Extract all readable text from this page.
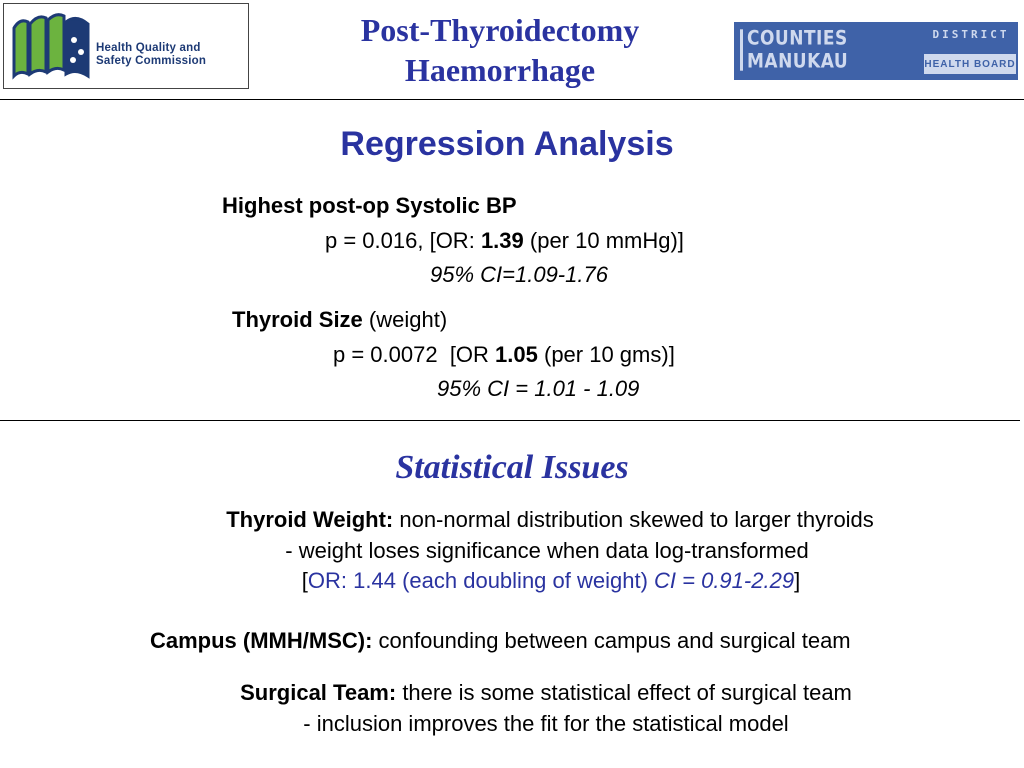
Health Quality and
Safety Commission
Post-Thyroidectomy
Haemorrhage
COUNTIES MANUKAU
DISTRICT
HEALTH BOARD
Regression Analysis
Highest post-op Systolic BP
p = 0.016, [OR: 1.39 (per 10 mmHg)]
95% CI=1.09-1.76
Thyroid Size (weight)
p = 0.0072  [OR 1.05 (per 10 gms)]
95% CI = 1.01 - 1.09
Statistical Issues
Thyroid Weight: non-normal distribution skewed to larger thyroids
- weight loses significance when data log-transformed
[OR: 1.44 (each doubling of weight) CI = 0.91-2.29]
Campus (MMH/MSC): confounding between campus and surgical team
Surgical Team: there is some statistical effect of surgical team
- inclusion improves the fit for the statistical model
